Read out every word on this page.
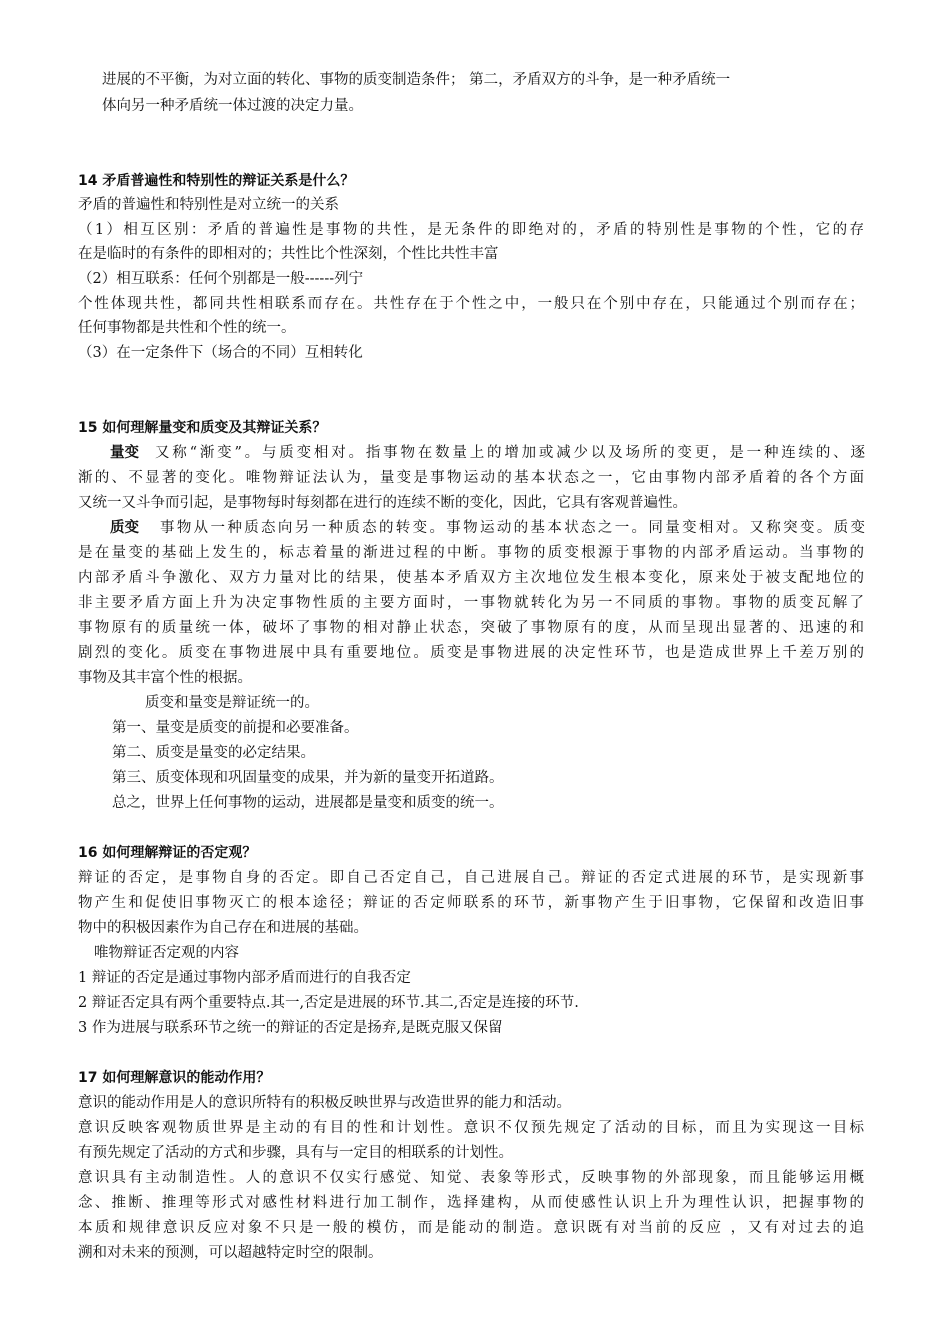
进展的不平衡，为对立面的转化、事物的质变制造条件； 第二，矛盾双方的斗争，是一种矛盾统一
体向另一种矛盾统一体过渡的决定力量。
14 矛盾普遍性和特别性的辩证关系是什么？
矛盾的普遍性和特别性是对立统一的关系
（1）相互区别：矛盾的普遍性是事物的共性，是无条件的即绝对的，矛盾的特别性是事物的个性，它的存
在是临时的有条件的即相对的；共性比个性深刻，个性比共性丰富
（2）相互联系：任何个别都是一般------列宁
个性体现共性，都同共性相联系而存在。共性存在于个性之中，一般只在个别中存在，只能通过个别而存在；
任何事物都是共性和个性的统一。
（3）在一定条件下（场合的不同）互相转化
15 如何理解量变和质变及其辩证关系？
量变 又称“渐变”。与质变相对。指事物在数量上的增加或减少以及场所的变更，是一种连续的、逐
渐的、不显著的变化。唯物辩证法认为，量变是事物运动的基本状态之一，它由事物内部矛盾着的各个方面
又统一又斗争而引起，是事物每时每刻都在进行的连续不断的变化，因此，它具有客观普遍性。
质变 事物从一种质态向另一种质态的转变。事物运动的基本状态之一。同量变相对。又称突变。质变
是在量变的基础上发生的，标志着量的渐进过程的中断。事物的质变根源于事物的内部矛盾运动。当事物的
内部矛盾斗争激化、双方力量对比的结果，使基本矛盾双方主次地位发生根本变化，原来处于被支配地位的
非主要矛盾方面上升为决定事物性质的主要方面时，一事物就转化为另一不同质的事物。事物的质变瓦解了
事物原有的质量统一体，破坏了事物的相对静止状态，突破了事物原有的度，从而呈现出显著的、迅速的和
剧烈的变化。质变在事物进展中具有重要地位。质变是事物进展的决定性环节，也是造成世界上千差万别的
事物及其丰富个性的根据。
质变和量变是辩证统一的。
第一、量变是质变的前提和必要准备。
第二、质变是量变的必定结果。
第三、质变体现和巩固量变的成果，并为新的量变开拓道路。
总之，世界上任何事物的运动，进展都是量变和质变的统一。
16 如何理解辩证的否定观？
辩证的否定，是事物自身的否定。即自己否定自己，自己进展自己。辩证的否定式进展的环节，是实现新事
物产生和促使旧事物灭亡的根本途径；辩证的否定师联系的环节，新事物产生于旧事物，它保留和改造旧事
物中的积极因素作为自己存在和进展的基础。
唯物辩证否定观的内容
1 辩证的否定是通过事物内部矛盾而进行的自我否定
2 辩证否定具有两个重要特点.其一,否定是进展的环节.其二,否定是连接的环节.
3 作为进展与联系环节之统一的辩证的否定是扬弃,是既克服又保留
17 如何理解意识的能动作用？
意识的能动作用是人的意识所特有的积极反映世界与改造世界的能力和活动。
意识反映客观物质世界是主动的有目的性和计划性。意识不仅预先规定了活动的目标，而且为实现这一目标
有预先规定了活动的方式和步骤，具有与一定目的相联系的计划性。
意识具有主动制造性。人的意识不仅实行感觉、知觉、表象等形式，反映事物的外部现象，而且能够运用概
念、推断、推理等形式对感性材料进行加工制作，选择建构，从而使感性认识上升为理性认识，把握事物的
本质和规律意识反应对象不只是一般的模仿，而是能动的制造。意识既有对当前的反应 ，又有对过去的追
溯和对未来的预测，可以超越特定时空的限制。
